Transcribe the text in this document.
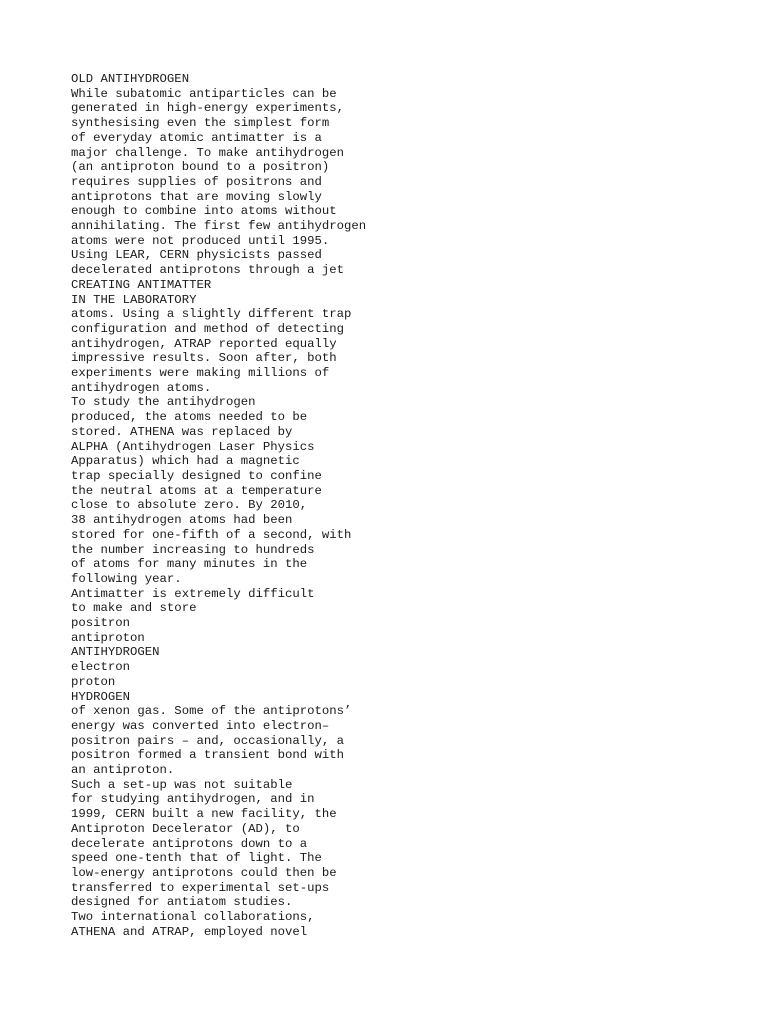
OLD ANTIHYDROGEN
While subatomic antiparticles can be
generated in high-energy experiments,
synthesising even the simplest form
of everyday atomic antimatter is a
major challenge. To make antihydrogen
(an antiproton bound to a positron)
requires supplies of positrons and
antiprotons that are moving slowly
enough to combine into atoms without
annihilating. The first few antihydrogen
atoms were not produced until 1995.
Using LEAR, CERN physicists passed
decelerated antiprotons through a jet
CREATING ANTIMATTER
IN THE LABORATORY
atoms. Using a slightly different trap
configuration and method of detecting
antihydrogen, ATRAP reported equally
impressive results. Soon after, both
experiments were making millions of
antihydrogen atoms.
To study the antihydrogen
produced, the atoms needed to be
stored. ATHENA was replaced by
ALPHA (Antihydrogen Laser Physics
Apparatus) which had a magnetic
trap specially designed to confine
the neutral atoms at a temperature
close to absolute zero. By 2010,
38 antihydrogen atoms had been
stored for one-fifth of a second, with
the number increasing to hundreds
of atoms for many minutes in the
following year.
Antimatter is extremely difficult
to make and store
positron
antiproton
ANTIHYDROGEN
electron
proton
HYDROGEN
of xenon gas. Some of the antiprotons’
energy was converted into electron–
positron pairs – and, occasionally, a
positron formed a transient bond with
an antiproton.
Such a set-up was not suitable
for studying antihydrogen, and in
1999, CERN built a new facility, the
Antiproton Decelerator (AD), to
decelerate antiprotons down to a
speed one-tenth that of light. The
low-energy antiprotons could then be
transferred to experimental set-ups
designed for antiatom studies.
Two international collaborations,
ATHENA and ATRAP, employed novel
